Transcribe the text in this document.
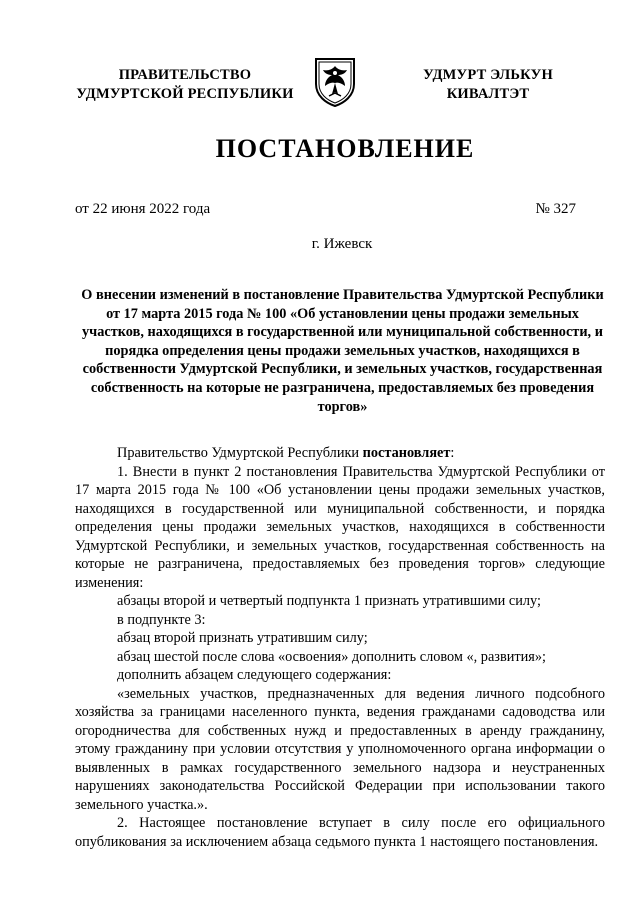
ПРАВИТЕЛЬСТВО
УДМУРТСКОЙ РЕСПУБЛИКИ
УДМУРТ ЭЛЬКУН
КИВАЛТЭТ
ПОСТАНОВЛЕНИЕ
от 22 июня 2022 года	№ 327
г. Ижевск
О внесении изменений в постановление Правительства Удмуртской Республики от 17 марта 2015 года № 100 «Об установлении цены продажи земельных участков, находящихся в государственной или муниципальной собственности, и порядка определения цены продажи земельных участков, находящихся в собственности Удмуртской Республики, и земельных участков, государственная собственность на которые не разграничена, предоставляемых без проведения торгов»

Правительство Удмуртской Республики постановляет:

1. Внести в пункт 2 постановления Правительства Удмуртской Республики от 17 марта 2015 года № 100 «Об установлении цены продажи земельных участков, находящихся в государственной или муниципальной собственности, и порядка определения цены продажи земельных участков, находящихся в собственности Удмуртской Республики, и земельных участков, государственная собственность на которые не разграничена, предоставляемых без проведения торгов» следующие изменения:

абзацы второй и четвертый подпункта 1 признать утратившими силу;

в подпункте 3:

абзац второй признать утратившим силу;

абзац шестой после слова «освоения» дополнить словом «, развития»;

дополнить абзацем следующего содержания:

«земельных участков, предназначенных для ведения личного подсобного хозяйства за границами населенного пункта, ведения гражданами садоводства или огородничества для собственных нужд и предоставленных в аренду гражданину, этому гражданину при условии отсутствия у уполномоченного органа информации о выявленных в рамках государственного земельного надзора и неустраненных нарушениях законодательства Российской Федерации при использовании такого земельного участка.».

2. Настоящее постановление вступает в силу после его официального опубликования за исключением абзаца седьмого пункта 1 настоящего постановления.
